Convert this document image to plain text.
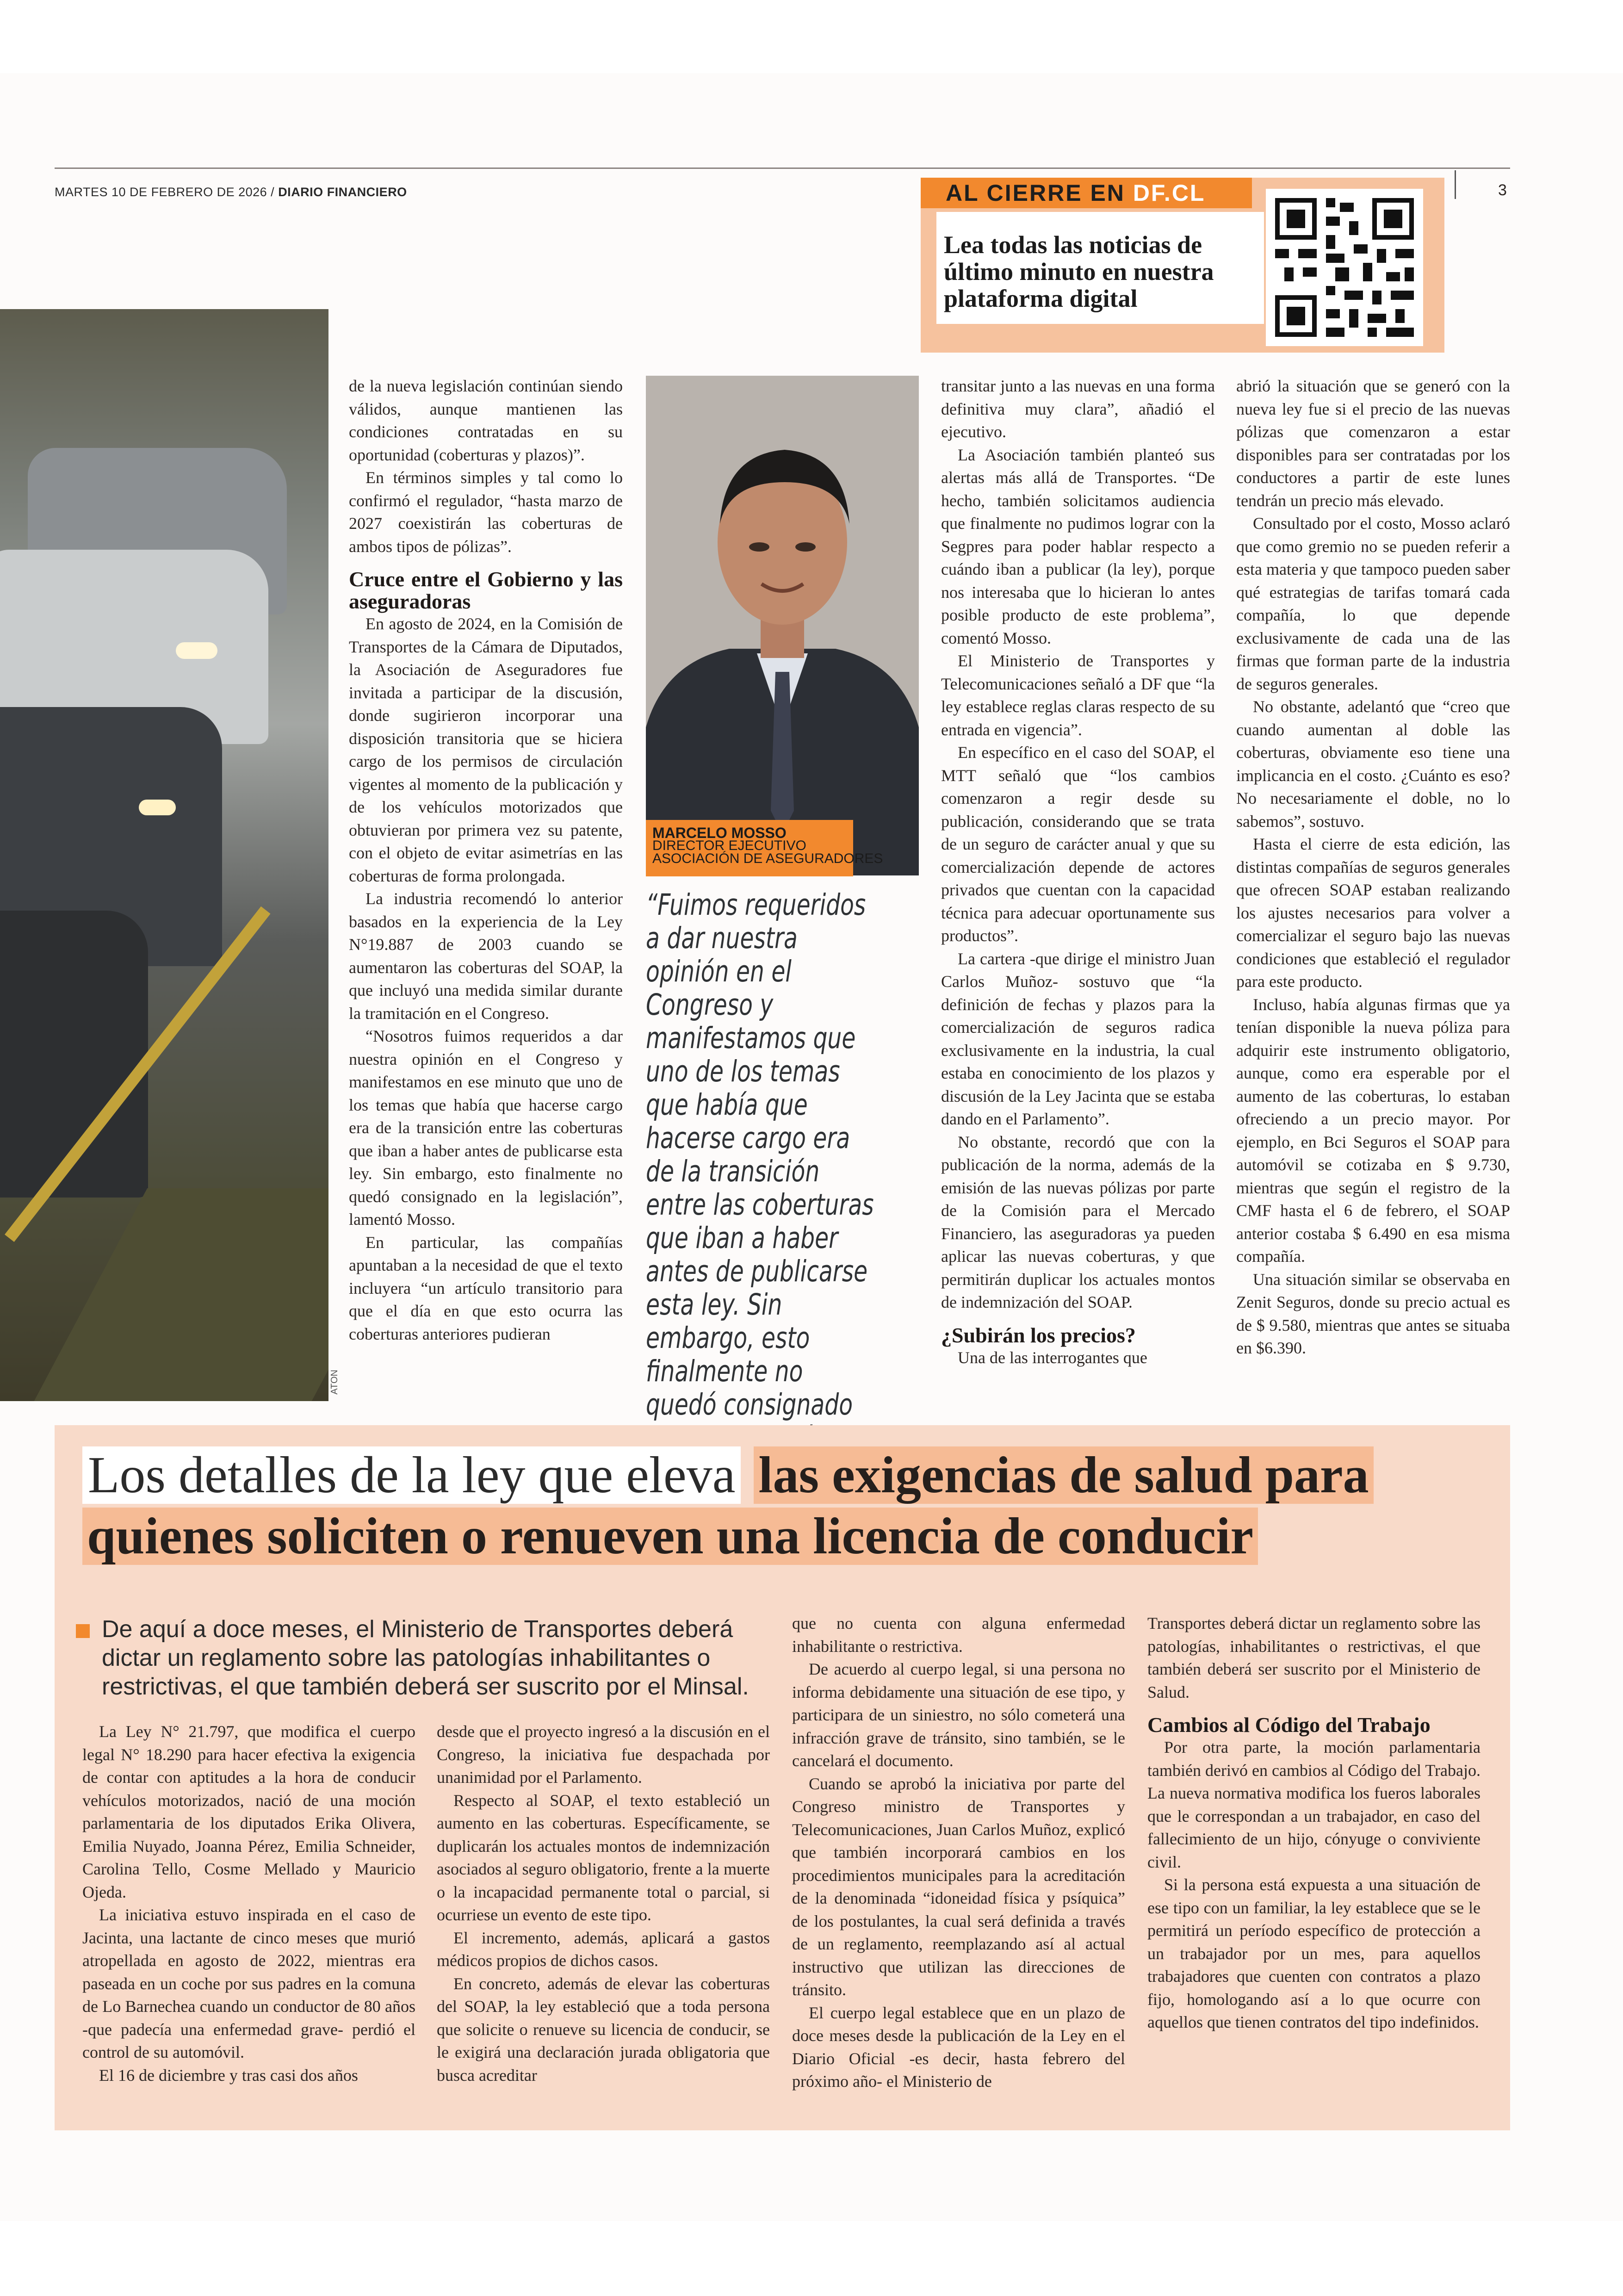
MARTES 10 DE FEBRERO DE 2026 / DIARIO FINANCIERO	3
AL CIERRE EN DF.CL
Lea todas las noticias de último minuto en nuestra plataforma digital
ATON

de la nueva legislación continúan siendo válidos, aunque mantienen las condiciones contratadas en su oportunidad (coberturas y plazos)”.

En términos simples y tal como lo confirmó el regulador, “hasta marzo de 2027 coexistirán las coberturas de ambos tipos de pólizas”.

Cruce entre el Gobierno y las aseguradoras

En agosto de 2024, en la Comisión de Transportes de la Cámara de Diputados, la Asociación de Aseguradores fue invitada a participar de la discusión, donde sugirieron incorporar una disposición transitoria que se hiciera cargo de los permisos de circulación vigentes al momento de la publicación y de los vehículos motorizados que obtuvieran por primera vez su patente, con el objeto de evitar asimetrías en las coberturas de forma prolongada.

La industria recomendó lo anterior basados en la experiencia de la Ley N°19.887 de 2003 cuando se aumentaron las coberturas del SOAP, la que incluyó una medida similar durante la tramitación en el Congreso.

“Nosotros fuimos requeridos a dar nuestra opinión en el Congreso y manifestamos en ese minuto que uno de los temas que había que hacerse cargo era de la transición entre las coberturas que iban a haber antes de publicarse esta ley. Sin embargo, esto finalmente no quedó consignado en la legislación”, lamentó Mosso.

En particular, las compañías apuntaban a la necesidad de que el texto incluyera “un artículo transitorio para que el día en que esto ocurra las coberturas anteriores pudieran

MARCELO MOSSO
DIRECTOR EJECUTIVO
ASOCIACIÓN DE ASEGURADORES
“Fuimos requeridos a dar nuestra opinión en el Congreso y manifestamos que uno de los temas que había que hacerse cargo era de la transición entre las coberturas que iban a haber antes de publicarse esta ley. Sin embargo, esto finalmente no quedó consignado

transitar junto a las nuevas en una forma definitiva muy clara”, añadió el ejecutivo.

La Asociación también planteó sus alertas más allá de Transportes. “De hecho, también solicitamos audiencia que finalmente no pudimos lograr con la Segpres para poder hablar respecto a cuándo iban a publicar (la ley), porque nos interesaba que lo hicieran lo antes posible producto de este problema”, comentó Mosso.

El Ministerio de Transportes y Telecomunicaciones señaló a DF que “la ley establece reglas claras respecto de su entrada en vigencia”.

En específico en el caso del SOAP, el MTT señaló que “los cambios comenzaron a regir desde su publicación, considerando que se trata de un seguro de carácter anual y que su comercialización depende de actores privados que cuentan con la capacidad técnica para adecuar oportunamente sus productos”.

La cartera -que dirige el ministro Juan Carlos Muñoz- sostuvo que “la definición de fechas y plazos para la comercialización de seguros radica exclusivamente en la industria, la cual estaba en conocimiento de los plazos y discusión de la Ley Jacinta que se estaba dando en el Parlamento”.

No obstante, recordó que con la publicación de la norma, además de la emisión de las nuevas pólizas por parte de la Comisión para el Mercado Financiero, las aseguradoras ya pueden aplicar las nuevas coberturas, y que permitirán duplicar los actuales montos de indemnización del SOAP.

¿Subirán los precios?

Una de las interrogantes que

abrió la situación que se generó con la nueva ley fue si el precio de las nuevas pólizas que comenzaron a estar disponibles para ser contratadas por los conductores a partir de este lunes tendrán un precio más elevado.

Consultado por el costo, Mosso aclaró que como gremio no se pueden referir a esta materia y que tampoco pueden saber qué estrategias de tarifas tomará cada compañía, lo que depende exclusivamente de cada una de las firmas que forman parte de la industria de seguros generales.

No obstante, adelantó que “creo que cuando aumentan al doble las coberturas, obviamente eso tiene una implicancia en el costo. ¿Cuánto es eso? No necesariamente el doble, no lo sabemos”, sostuvo.

Hasta el cierre de esta edición, las distintas compañías de seguros generales que ofrecen SOAP estaban realizando los ajustes necesarios para volver a comercializar el seguro bajo las nuevas condiciones que estableció el regulador para este producto.

Incluso, había algunas firmas que ya tenían disponible la nueva póliza para adquirir este instrumento obligatorio, aunque, como era esperable por el aumento de las coberturas, lo estaban ofreciendo a un precio mayor. Por ejemplo, en Bci Seguros el SOAP para automóvil se cotizaba en $ 9.730, mientras que según el registro de la CMF hasta el 6 de febrero, el SOAP anterior costaba $ 6.490 en esa misma compañía.

Una situación similar se observaba en Zenit Seguros, donde su precio actual es de $ 9.580, mientras que antes se situaba en $6.390.

Los detalles de la ley que eleva las exigencias de salud para quienes soliciten o renueven una licencia de conducir
De aquí a doce meses, el Ministerio de Transportes deberá dictar un reglamento sobre las patologías inhabilitantes o restrictivas, el que también deberá ser suscrito por el Minsal.

La Ley N° 21.797, que modifica el cuerpo legal N° 18.290 para hacer efectiva la exigencia de contar con aptitudes a la hora de conducir vehículos motorizados, nació de una moción parlamentaria de los diputados Erika Olivera, Emilia Nuyado, Joanna Pérez, Emilia Schneider, Carolina Tello, Cosme Mellado y Mauricio Ojeda.

La iniciativa estuvo inspirada en el caso de Jacinta, una lactante de cinco meses que murió atropellada en agosto de 2022, mientras era paseada en un coche por sus padres en la comuna de Lo Barnechea cuando un conductor de 80 años -que padecía una enfermedad grave- perdió el control de su automóvil.

El 16 de diciembre y tras casi dos años

desde que el proyecto ingresó a la discusión en el Congreso, la iniciativa fue despachada por unanimidad por el Parlamento.

Respecto al SOAP, el texto estableció un aumento en las coberturas. Específicamente, se duplicarán los actuales montos de indemnización asociados al seguro obligatorio, frente a la muerte o la incapacidad permanente total o parcial, si ocurriese un evento de este tipo.

El incremento, además, aplicará a gastos médicos propios de dichos casos.

En concreto, además de elevar las coberturas del SOAP, la ley estableció que a toda persona que solicite o renueve su licencia de conducir, se le exigirá una declaración jurada obligatoria que busca acreditar

que no cuenta con alguna enfermedad inhabilitante o restrictiva.

De acuerdo al cuerpo legal, si una persona no informa debidamente una situación de ese tipo, y participara de un siniestro, no sólo cometerá una infracción grave de tránsito, sino también, se le cancelará el documento.

Cuando se aprobó la iniciativa por parte del Congreso ministro de Transportes y Telecomunicaciones, Juan Carlos Muñoz, explicó que también incorporará cambios en los procedimientos municipales para la acreditación de la denominada “idoneidad física y psíquica” de los postulantes, la cual será definida a través de un reglamento, reemplazando así al actual instructivo que utilizan las direcciones de tránsito.

El cuerpo legal establece que en un plazo de doce meses desde la publicación de la Ley en el Diario Oficial -es decir, hasta febrero del próximo año- el Ministerio de

Transportes deberá dictar un reglamento sobre las patologías, inhabilitantes o restrictivas, el que también deberá ser suscrito por el Ministerio de Salud.

Cambios al Código del Trabajo

Por otra parte, la moción parlamentaria también derivó en cambios al Código del Trabajo. La nueva normativa modifica los fueros laborales que le correspondan a un trabajador, en caso del fallecimiento de un hijo, cónyuge o conviviente civil.

Si la persona está expuesta a una situación de ese tipo con un familiar, la ley establece que se le permitirá un período específico de protección a un trabajador por un mes, para aquellos trabajadores que cuenten con contratos a plazo fijo, homologando así a lo que ocurre con aquellos que tienen contratos del tipo indefinidos.
